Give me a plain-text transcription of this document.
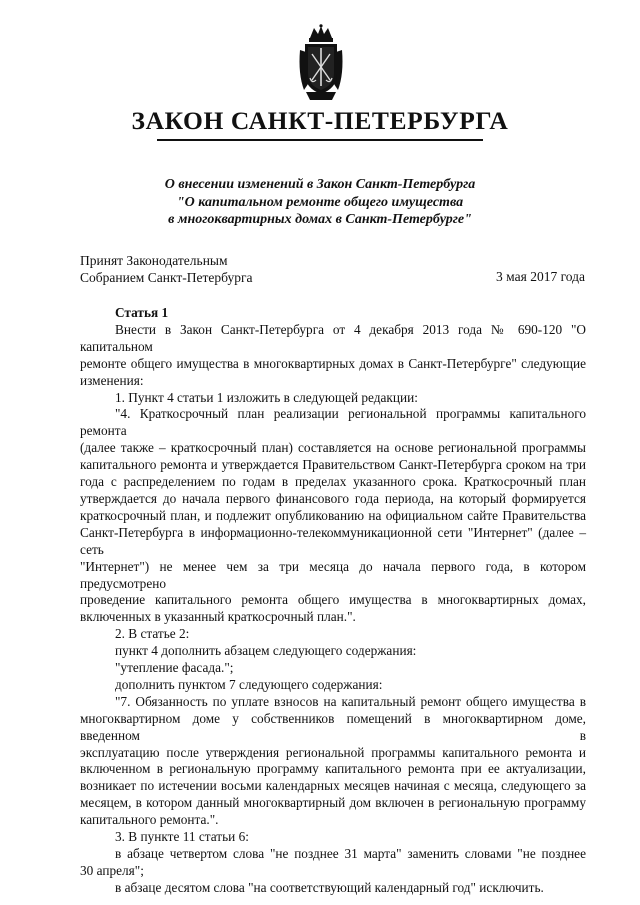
ЗАКОН САНКТ-ПЕТЕРБУРГА
О внесении изменений в Закон Санкт-Петербурга
"О капитальном ремонте общего имущества
в многоквартирных домах в Санкт-Петербурге"
Принят Законодательным
Собранием Санкт-Петербурга	3 мая 2017 года

Статья 1

Внести в Закон Санкт-Петербурга от 4 декабря 2013 года № 690-120 "О капитальном

ремонте общего имущества в многоквартирных домах в Санкт-Петербурге" следующие

изменения:

1. Пункт 4 статьи 1 изложить в следующей редакции:

"4. Краткосрочный план реализации региональной программы капитального ремонта

(далее также – краткосрочный план) составляется на основе региональной программы

капитального ремонта и утверждается Правительством Санкт-Петербурга сроком на три

года с распределением по годам в пределах указанного срока. Краткосрочный план

утверждается до начала первого финансового года периода, на который формируется

краткосрочный план, и подлежит опубликованию на официальном сайте Правительства

Санкт-Петербурга в информационно-телекоммуникационной сети "Интернет" (далее – сеть

"Интернет") не менее чем за три месяца до начала первого года, в котором предусмотрено

проведение капитального ремонта общего имущества в многоквартирных домах,

включенных в указанный краткосрочный план.".

2. В статье 2:

пункт 4 дополнить абзацем следующего содержания:

"утепление фасада.";

дополнить пунктом 7 следующего содержания:

"7. Обязанность по уплате взносов на капитальный ремонт общего имущества в

многоквартирном доме у собственников помещений в многоквартирном доме, введенном в

эксплуатацию после утверждения региональной программы капитального ремонта и

включенном в региональную программу капитального ремонта при ее актуализации,

возникает по истечении восьми календарных месяцев начиная с месяца, следующего за

месяцем, в котором данный многоквартирный дом включен в региональную программу

капитального ремонта.".

3. В пункте 11 статьи 6:

в абзаце четвертом слова "не позднее 31 марта" заменить словами "не позднее

30 апреля";

в абзаце десятом слова "на соответствующий календарный год" исключить.
